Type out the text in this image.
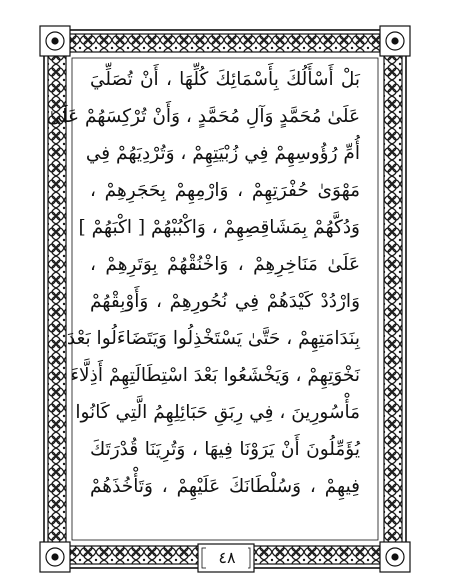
بَلْ أَسْأَلُكَ بِأَسْمَائِكَ كُلِّهَا ، أَنْ تُصَلِّيَ
عَلَىٰ مُحَمَّدٍ وَآلِ مُحَمَّدٍ ، وَأَنْ تُرْكِسَهُمْ عَلَىٰ
أُمِّ رُؤُوسِهِمْ فِي زُبْيَتِهِمْ ، وَتُرْدِيَهُمْ فِي
مَهْوَىٰ حُفْرَتِهِمْ ، وَارْمِهِمْ بِحَجَرِهِمْ ،
وَدُكَّهُمْ بِمَشَاقِصِهِمْ ، وَاكْبُبْهُمْ [ اكْبَهُمْ ]
عَلَىٰ مَنَاخِرِهِمْ ، وَاخْنُقْهُمْ بِوَتَرِهِمْ ،
وَارْدُدْ كَيْدَهُمْ فِي نُحُورِهِمْ ، وَأَوْبِقْهُمْ
بِنَدَامَتِهِمْ ، حَتَّىٰ يَسْتَخْذِلُوا وَيَتَضَاءَلُوا بَعْدَ
نَخْوَتِهِمْ ، وَيَخْشَعُوا بَعْدَ اسْتِطَالَتِهِمْ أَذِلَّاءَ
مَأْسُورِينَ ، فِي رِبَقِ حَبَائِلِهِمُ الَّتِي كَانُوا
يُؤَمِّلُونَ أَنْ يَرَوْنَا فِيهَا ، وَتُرِيَنَا قُدْرَتَكَ
فِيهِمْ ، وَسُلْطَانَكَ عَلَيْهِمْ ، وَتَأْخُذَهُمْ
٤٨
